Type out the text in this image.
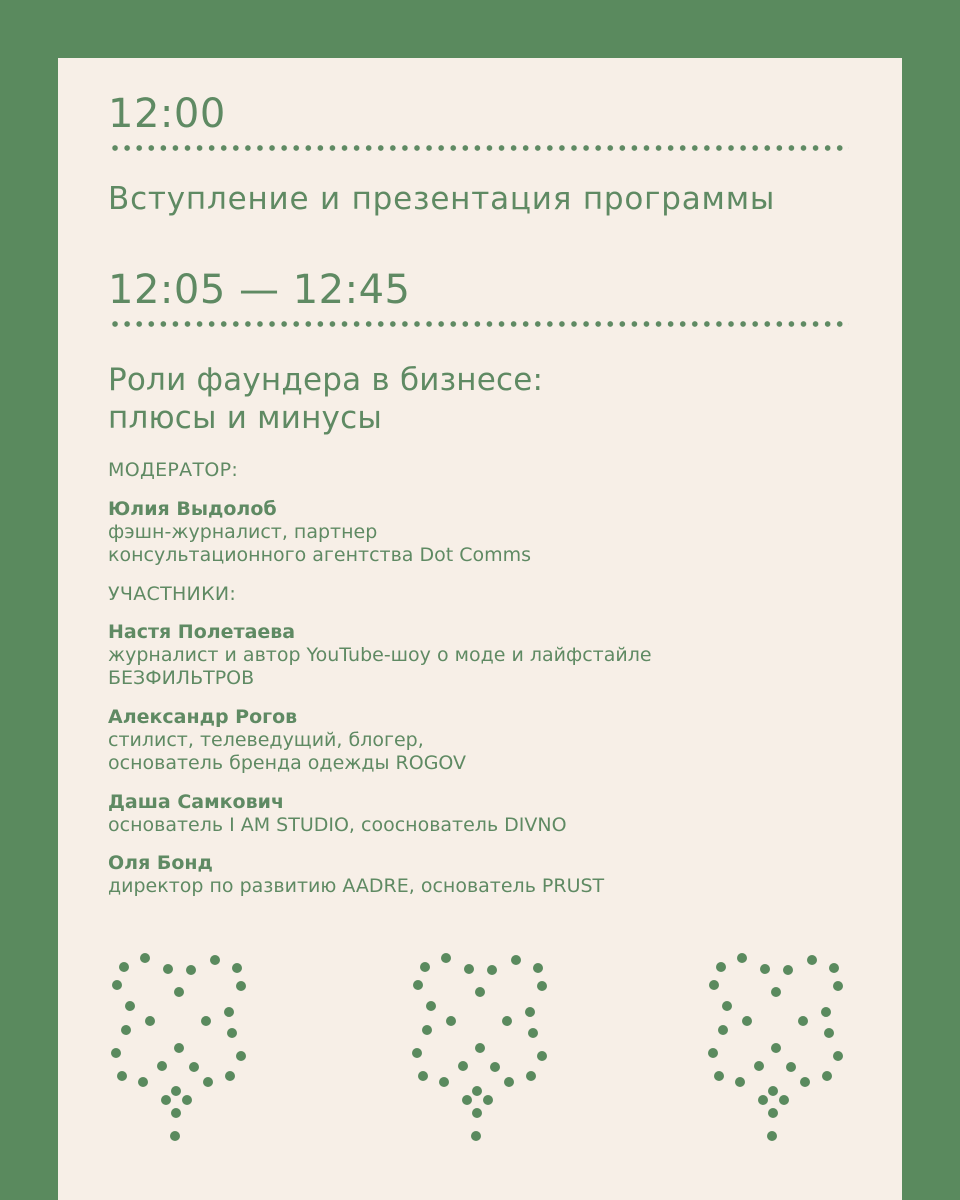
12:00
Вступление и презентация программы
12:05 — 12:45
Роли фаундера в бизнесе:
плюсы и минусы
МОДЕРАТОР:
Юлия Выдолоб
фэшн-журналист, партнер
консультационного агентства Dot Comms
УЧАСТНИКИ:
Настя Полетаева
журналист и автор YouTube-шоу о моде и лайфстайле
БЕЗФИЛЬТРОВ
Александр Рогов
стилист, телеведущий, блогер,
основатель бренда одежды ROGOV
Даша Самкович
основатель I AM STUDIO, сооснователь DIVNO
Оля Бонд
директор по развитию AADRE, основатель PRUST
